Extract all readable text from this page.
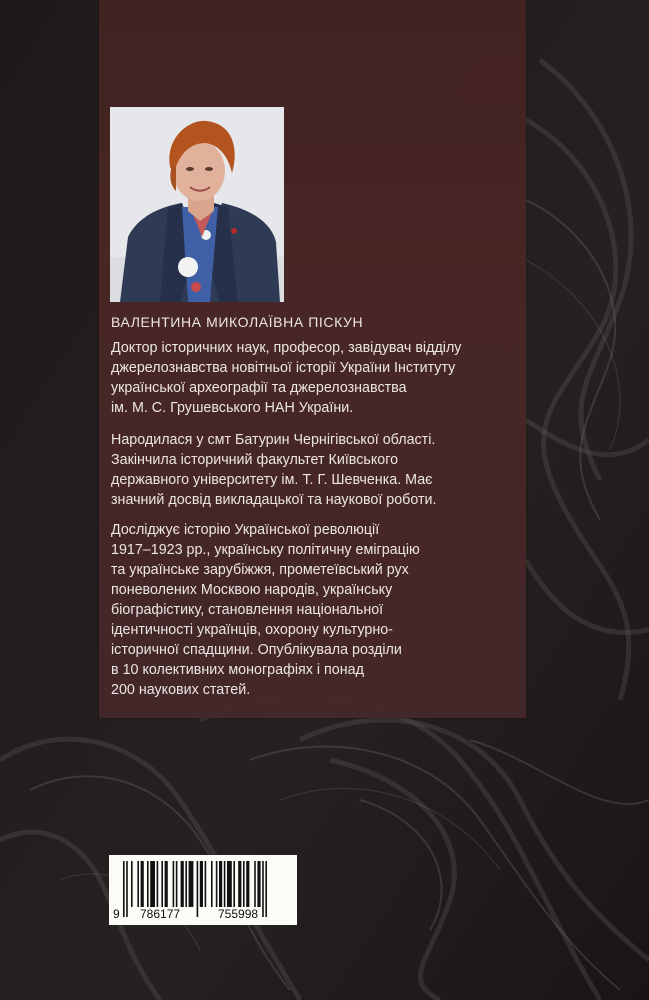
ВАЛЕНТИНА МИКОЛАЇВНА ПІСКУН
Доктор історичних наук, професор, завідувач відділу
джерелознавства новітньої історії України Інституту
української археографії та джерелознавства
ім. М. С. Грушевського НАН України.
Народилася у смт Батурин Чернігівської області.
Закінчила історичний факультет Київського
державного університету ім. Т. Г. Шевченка. Має
значний досвід викладацької та наукової роботи.
Досліджує історію Української революції
1917–1923 рр., українську політичну еміграцію
та українське зарубіжжя, прометеївський рух
поневолених Москвою народів, українську
біографістику, становлення національної
ідентичності українців, охорону культурно-
історичної спадщини. Опублікувала розділи
в 10 колективних монографіях і понад
200 наукових статей.
9 786177	755998
